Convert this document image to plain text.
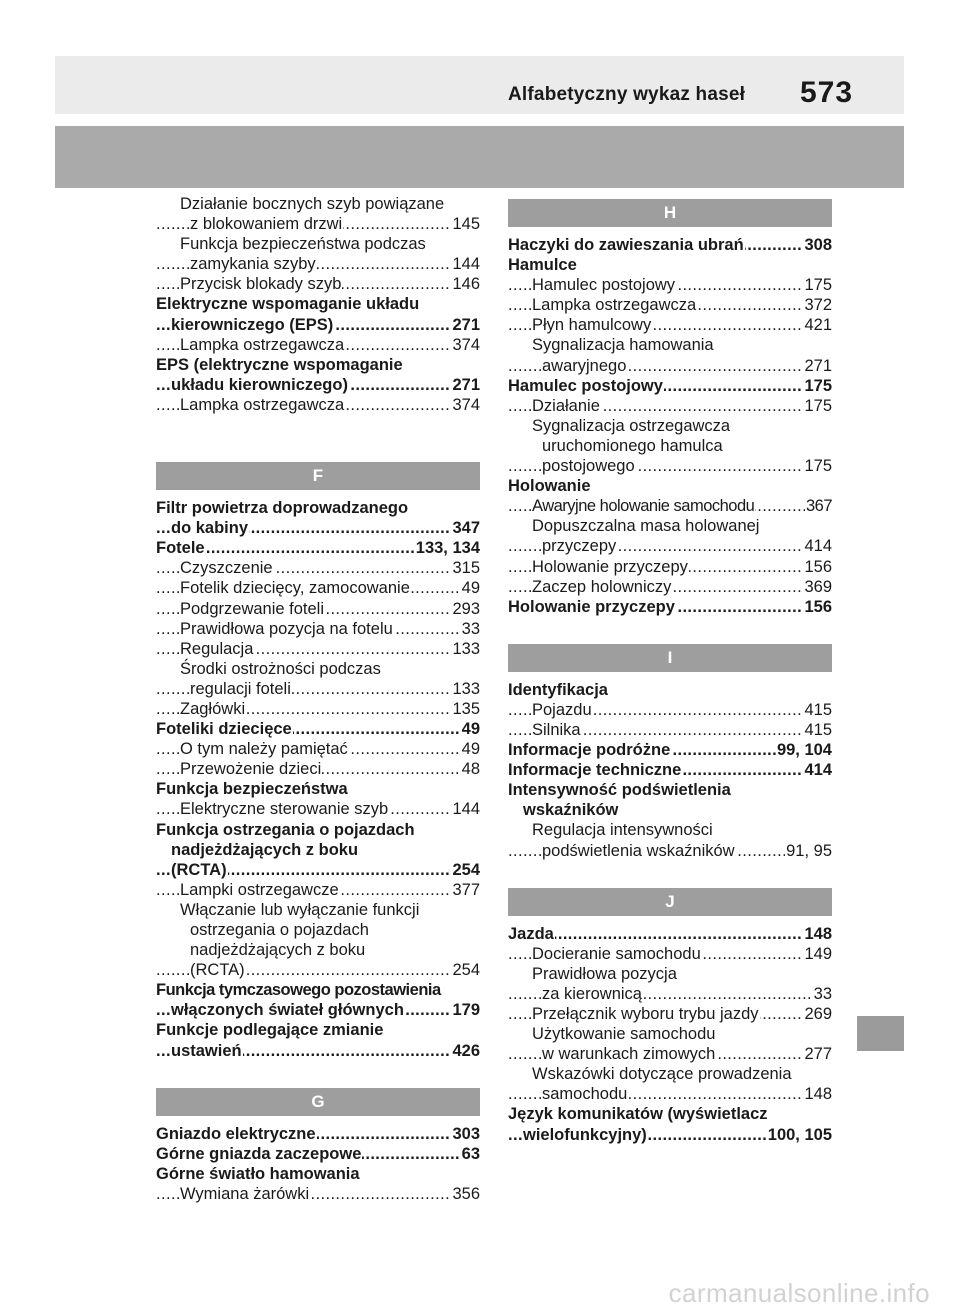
Alfabetyczny wykaz haseł 573
Działanie bocznych szyb powiązane
.....
z blokowaniem drzwi	145
Funkcja bezpieczeństwa podczas
.....
zamykania szyby	144
.....
Przycisk blokady szyb	146
Elektryczne wspomaganie układu
.....
kierowniczego (EPS)	271
.....
Lampka ostrzegawcza	374
EPS (elektryczne wspomaganie
.....
układu kierowniczego)	271
.....
Lampka ostrzegawcza	374
F
Filtr powietrza doprowadzanego
.....
do kabiny	347
.....
Fotele	133, 134
.....
Czyszczenie	315
.....
Fotelik dziecięcy, zamocowanie	49
.....
Podgrzewanie foteli	293
.....
Prawidłowa pozycja na fotelu	33
.....
Regulacja	133
Środki ostrożności podczas
.....
regulacji foteli	133
.....
Zagłówki	135
.....
Foteliki dziecięce	49
.....
O tym należy pamiętać	49
.....
Przewożenie dzieci	48
Funkcja bezpieczeństwa
.....
Elektryczne sterowanie szyb	144
Funkcja ostrzegania o pojazdach
nadjeżdżających z boku
.....
(RCTA)	254
.....
Lampki ostrzegawcze	377
Włączanie lub wyłączanie funkcji
ostrzegania o pojazdach
nadjeżdżających z boku
.....
(RCTA)	254
Funkcja tymczasowego pozostawienia
.....
włączonych świateł głównych	179
Funkcje podlegające zmianie
.....
ustawień	426
G
.....
Gniazdo elektryczne	303
.....
Górne gniazda zaczepowe	63
Górne światło hamowania
.....
Wymiana żarówki	356
H
.....
Haczyki do zawieszania ubrań	308
Hamulce
.....
Hamulec postojowy	175
.....
Lampka ostrzegawcza	372
.....
Płyn hamulcowy	421
Sygnalizacja hamowania
.....
awaryjnego	271
.....
Hamulec postojowy	175
.....
Działanie	175
Sygnalizacja ostrzegawcza
uruchomionego hamulca
.....
postojowego	175
Holowanie
.....
Awaryjne holowanie samochodu	367
Dopuszczalna masa holowanej
.....
przyczepy	414
.....
Holowanie przyczepy	156
.....
Zaczep holowniczy	369
.....
Holowanie przyczepy	156
I
Identyfikacja
.....
Pojazdu	415
.....
Silnika	415
.....
Informacje podróżne	99, 104
.....
Informacje techniczne	414
Intensywność podświetlenia
wskaźników
Regulacja intensywności
.....
podświetlenia wskaźników	91, 95
J
.....
Jazda	148
.....
Docieranie samochodu	149
Prawidłowa pozycja
.....
za kierownicą	33
.....
Przełącznik wyboru trybu jazdy	269
Użytkowanie samochodu
.....
w warunkach zimowych	277
Wskazówki dotyczące prowadzenia
.....
samochodu	148
Język komunikatów (wyświetlacz
.....
wielofunkcyjny)	100, 105
carmanualsonline.info
